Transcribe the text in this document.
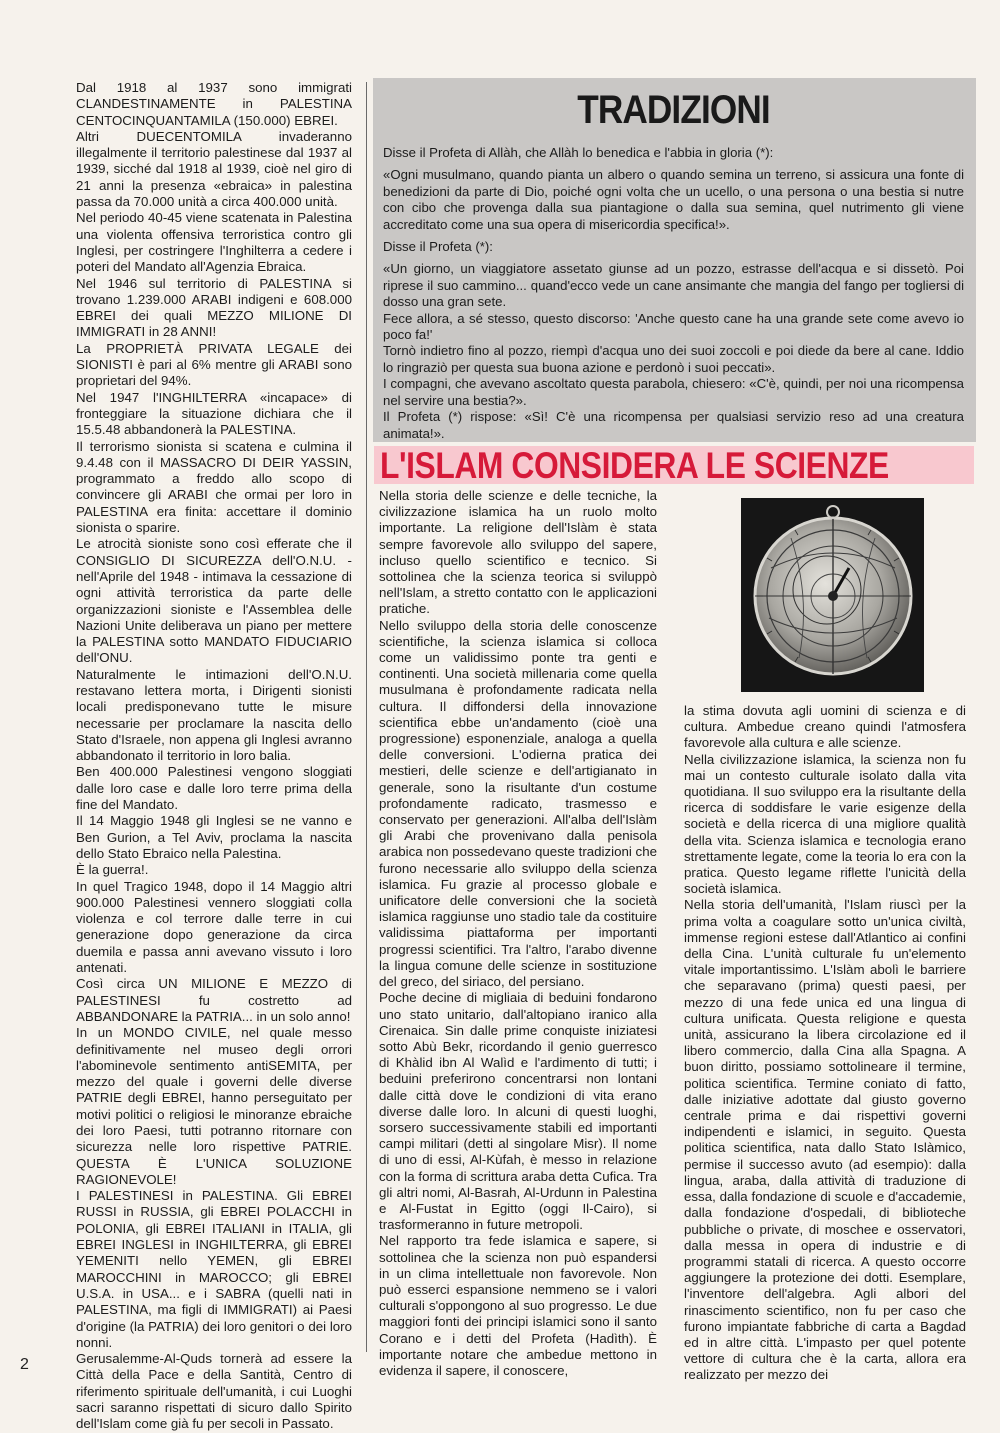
Dal 1918 al 1937 sono immigrati CLANDESTINAMENTE in PALESTINA CENTOCINQUANTAMILA (150.000) EBREI.

Altri DUECENTOMILA invaderanno illegalmente il territorio palestinese dal 1937 al 1939, sicché dal 1918 al 1939, cioè nel giro di 21 anni la presenza «ebraica» in palestina passa da 70.000 unità a circa 400.000 unità.

Nel periodo 40-45 viene scatenata in Palestina una violenta offensiva terroristica contro gli Inglesi, per costringere l'Inghilterra a cedere i poteri del Mandato all'Agenzia Ebraica.

Nel 1946 sul territorio di PALESTINA si trovano 1.239.000 ARABI indigeni e 608.000 EBREI dei quali MEZZO MILIONE DI IMMIGRATI in 28 ANNI!

La PROPRIETÀ PRIVATA LEGALE dei SIONISTI è pari al 6% mentre gli ARABI sono proprietari del 94%.

Nel 1947 l'INGHILTERRA «incapace» di fronteggiare la situazione dichiara che il 15.5.48 abbandonerà la PALESTINA.

Il terrorismo sionista si scatena e culmina il 9.4.48 con il MASSACRO DI DEIR YASSIN, programmato a freddo allo scopo di convincere gli ARABI che ormai per loro in PALESTINA era finita: accettare il dominio sionista o sparire.

Le atrocità sioniste sono così efferate che il CONSIGLIO DI SICUREZZA dell'O.N.U. - nell'Aprile del 1948 - intimava la cessazione di ogni attività terroristica da parte delle organizzazioni sioniste e l'Assemblea delle Nazioni Unite deliberava un piano per mettere la PALESTINA sotto MANDATO FIDUCIARIO dell'ONU.

Naturalmente le intimazioni dell'O.N.U. restavano lettera morta, i Dirigenti sionisti locali predisponevano tutte le misure necessarie per proclamare la nascita dello Stato d'Israele, non appena gli Inglesi avranno abbandonato il territorio in loro balia.

Ben 400.000 Palestinesi vengono sloggiati dalle loro case e dalle loro terre prima della fine del Mandato.

Il 14 Maggio 1948 gli Inglesi se ne vanno e Ben Gurion, a Tel Aviv, proclama la nascita dello Stato Ebraico nella Palestina.

È la guerra!.

In quel Tragico 1948, dopo il 14 Maggio altri 900.000 Palestinesi vennero sloggiati colla violenza e col terrore dalle terre in cui generazione dopo generazione da circa duemila e passa anni avevano vissuto i loro antenati.

Così circa UN MILIONE E MEZZO di PALESTINESI fu costretto ad ABBANDONARE la PATRIA... in un solo anno!

In un MONDO CIVILE, nel quale messo definitivamente nel museo degli orrori l'abominevole sentimento antiSEMITA, per mezzo del quale i governi delle diverse PATRIE degli EBREI, hanno perseguitato per motivi politici o religiosi le minoranze ebraiche dei loro Paesi, tutti potranno ritornare con sicurezza nelle loro rispettive PATRIE. QUESTA È L'UNICA SOLUZIONE RAGIONEVOLE!

I PALESTINESI in PALESTINA. Gli EBREI RUSSI in RUSSIA, gli EBREI POLACCHI in POLONIA, gli EBREI ITALIANI in ITALIA, gli EBREI INGLESI in INGHILTERRA, gli EBREI YEMENITI nello YEMEN, gli EBREI MAROCCHINI in MAROCCO; gli EBREI U.S.A. in USA... e i SABRA (quelli nati in PALESTINA, ma figli di IMMIGRATI) ai Paesi d'origine (la PATRIA) dei loro genitori o dei loro nonni.

Gerusalemme-Al-Quds tornerà ad essere la Città della Pace e della Santità, Centro di riferimento spirituale dell'umanità, i cui Luoghi sacri saranno rispettati di sicuro dallo Spirito dell'Islam come già fu per secoli in Passato.

TRADIZIONI

Disse il Profeta di Allàh, che Allàh lo benedica e l'abbia in gloria (*):

«Ogni musulmano, quando pianta un albero o quando semina un terreno, si assicura una fonte di benedizioni da parte di Dio, poiché ogni volta che un ucello, o una persona o una bestia si nutre con cibo che provenga dalla sua piantagione o dalla sua semina, quel nutrimento gli viene accreditato come una sua opera di misericordia specifica!».

Disse il Profeta (*):

«Un giorno, un viaggiatore assetato giunse ad un pozzo, estrasse dell'acqua e si dissetò. Poi riprese il suo cammino... quand'ecco vede un cane ansimante che mangia del fango per togliersi di dosso una gran sete.

Fece allora, a sé stesso, questo discorso: 'Anche questo cane ha una grande sete come avevo io poco fa!'

Tornò indietro fino al pozzo, riempì d'acqua uno dei suoi zoccoli e poi diede da bere al cane. Iddio lo ringraziò per questa sua buona azione e perdonò i suoi peccati».

I compagni, che avevano ascoltato questa parabola, chiesero: «C'è, quindi, per noi una ricompensa nel servire una bestia?».

Il Profeta (*) rispose: «Sì! C'è una ricompensa per qualsiasi servizio reso ad una creatura animata!».

L'ISLAM CONSIDERA LE SCIENZE

Nella storia delle scienze e delle tecniche, la civilizzazione islamica ha un ruolo molto importante. La religione dell'Islàm è stata sempre favorevole allo sviluppo del sapere, incluso quello scientifico e tecnico. Si sottolinea che la scienza teorica si sviluppò nell'Islam, a stretto contatto con le applicazioni pratiche.

Nello sviluppo della storia delle conoscenze scientifiche, la scienza islamica si colloca come un validissimo ponte tra genti e continenti. Una società millenaria come quella musulmana è profondamente radicata nella cultura. Il diffondersi della innovazione scientifica ebbe un'andamento (cioè una progressione) esponenziale, analoga a quella delle conversioni. L'odierna pratica dei mestieri, delle scienze e dell'artigianato in generale, sono la risultante d'un costume profondamente radicato, trasmesso e conservato per generazioni. All'alba dell'Islàm gli Arabi che provenivano dalla penisola arabica non possedevano queste tradizioni che furono necessarie allo sviluppo della scienza islamica. Fu grazie al processo globale e unificatore delle conversioni che la società islamica raggiunse uno stadio tale da costituire validissima piattaforma per importanti progressi scientifici. Tra l'altro, l'arabo divenne la lingua comune delle scienze in sostituzione del greco, del siriaco, del persiano.

Poche decine di migliaia di beduini fondarono uno stato unitario, dall'altopiano iranico alla Cirenaica. Sin dalle prime conquiste iniziatesi sotto Abù Bekr, ricordando il genio guerresco di Khàlid ibn Al Walìd e l'ardimento di tutti; i beduini preferirono concentrarsi non lontani dalle città dove le condizioni di vita erano diverse dalle loro. In alcuni di questi luoghi, sorsero successivamente stabili ed importanti campi militari (detti al singolare Misr). Il nome di uno di essi, Al-Kùfah, è messo in relazione con la forma di scrittura araba detta Cufica. Tra gli altri nomi, Al-Basrah, Al-Urdunn in Palestina e Al-Fustat in Egitto (oggi Il-Cairo), si trasformeranno in future metropoli.

Nel rapporto tra fede islamica e sapere, si sottolinea che la scienza non può espandersi in un clima intellettuale non favorevole. Non può esserci espansione nemmeno se i valori culturali s'oppongono al suo progresso. Le due maggiori fonti dei principi islamici sono il santo Corano e i detti del Profeta (Hadìth). È importante notare che ambedue mettono in evidenza il sapere, il conoscere,

la stima dovuta agli uomini di scienza e di cultura. Ambedue creano quindi l'atmosfera favorevole alla cultura e alle scienze.

Nella civilizzazione islamica, la scienza non fu mai un contesto culturale isolato dalla vita quotidiana. Il suo sviluppo era la risultante della ricerca di soddisfare le varie esigenze della società e della ricerca di una migliore qualità della vita. Scienza islamica e tecnologia erano strettamente legate, come la teoria lo era con la pratica. Questo legame riflette l'unicità della società islamica.

Nella storia dell'umanità, l'Islam riuscì per la prima volta a coagulare sotto un'unica civiltà, immense regioni estese dall'Atlantico ai confini della Cina. L'unità culturale fu un'elemento vitale importantissimo. L'Islàm abolì le barriere che separavano (prima) questi paesi, per mezzo di una fede unica ed una lingua di cultura unificata. Questa religione e questa unità, assicurano la libera circolazione ed il libero commercio, dalla Cina alla Spagna. A buon diritto, possiamo sottolineare il termine, politica scientifica. Termine coniato di fatto, dalle iniziative adottate dal giusto governo centrale prima e dai rispettivi governi indipendenti e islamici, in seguito. Questa politica scientifica, nata dallo Stato Islàmico, permise il successo avuto (ad esempio): dalla lingua, araba, dalla attività di traduzione di essa, dalla fondazione di scuole e d'accademie, dalla fondazione d'ospedali, di biblioteche pubbliche o private, di moschee e osservatori, dalla messa in opera di industrie e di programmi statali di ricerca. A questo occorre aggiungere la protezione dei dotti. Esemplare, l'inventore dell'algebra. Agli albori del rinascimento scientifico, non fu per caso che furono impiantate fabbriche di carta a Bagdad ed in altre città. L'impasto per quel potente vettore di cultura che è la carta, allora era realizzato per mezzo dei

2
